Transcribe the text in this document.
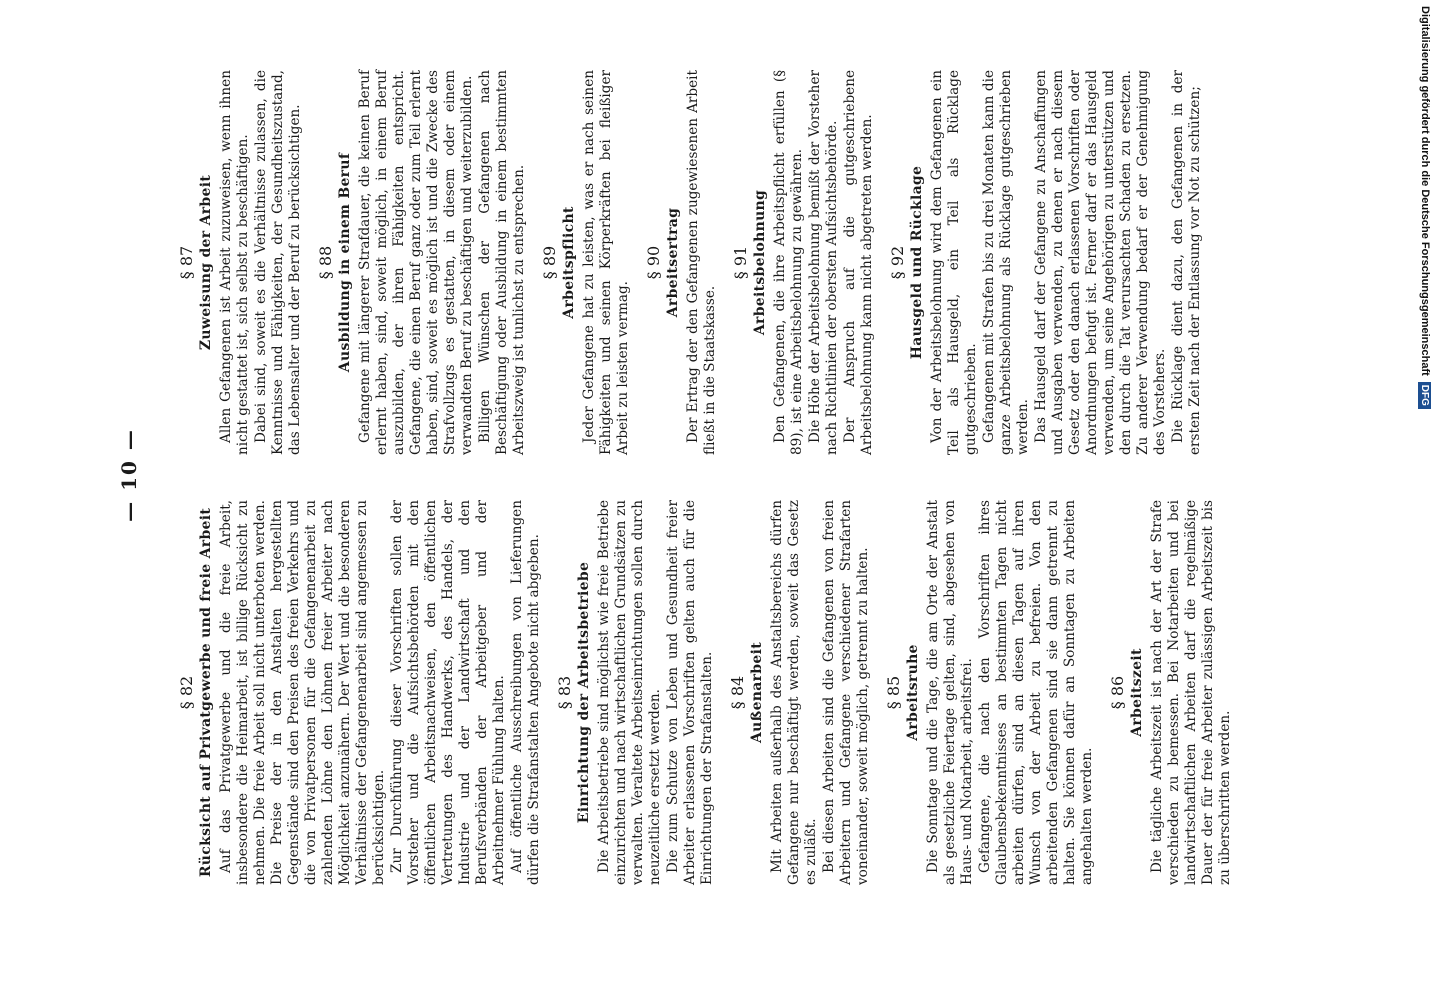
— 10 —
§ 82 Rücksicht auf Privatgewerbe und freie Arbeit Auf das Privatgewerbe und die freie Arbeit, insbesondere die Heimarbeit, ist billige Rücksicht zu nehmen. Die freie Arbeit soll nicht unterboten werden. Die Preise der in den Anstalten hergestellten Gegenstände sind den Preisen des freien Verkehrs und die von Privatpersonen für die Gefangenenarbeit zu zahlenden Löhne den Löhnen freier Arbeiter nach Möglichkeit anzunähern. Der Wert und die besonderen Verhältnisse der Gefangenenarbeit sind angemessen zu berücksichtigen. Zur Durchführung dieser Vorschriften sollen der Vorsteher und die Aufsichtsbehörden mit den öffentlichen Arbeitsnachweisen, den öffentlichen Vertretungen des Handwerks, des Handels, der Industrie und der Landwirtschaft und den Berufsverbänden der Arbeitgeber und der Arbeitnehmer Fühlung halten. Auf öffentliche Ausschreibungen von Lieferungen dürfen die Strafanstalten Angebote nicht abgeben. § 83 Einrichtung der Arbeitsbetriebe Die Arbeitsbetriebe sind möglichst wie freie Betriebe einzurichten und nach wirtschaftlichen Grundsätzen zu verwalten. Veraltete Arbeitseinrichtungen sollen durch neuzeitliche ersetzt werden. Die zum Schutze von Leben und Gesundheit freier Arbeiter erlassenen Vorschriften gelten auch für die Einrichtungen der Strafanstalten. § 84 Außenarbeit Mit Arbeiten außerhalb des Anstaltsbereichs dürfen Gefangene nur beschäftigt werden, soweit das Gesetz es zuläßt. Bei diesen Arbeiten sind die Gefangenen von freien Arbeitern und Gefangene verschiedener Strafarten voneinander, soweit möglich, getrennt zu halten. § 85 Arbeitsruhe Die Sonntage und die Tage, die am Orte der Anstalt als gesetzliche Feiertage gelten, sind, abgesehen von Haus- und Notarbeit, arbeitsfrei. Gefangene, die nach den Vorschriften ihres Glaubensbekenntnisses an bestimmten Tagen nicht arbeiten dürfen, sind an diesen Tagen auf ihren Wunsch von der Arbeit zu befreien. Von den arbeitenden Gefangenen sind sie dann getrennt zu halten. Sie können dafür an Sonntagen zu Arbeiten angehalten werden.

§ 86 Arbeitszeit Die tägliche Arbeitszeit ist nach der Art der Strafe verschieden zu bemessen. Bei Notarbeiten und bei landwirtschaftlichen Arbeiten darf die regelmäßige Dauer der für freie Arbeiter zulässigen Arbeitszeit bis zu überschritten werden.

§ 87 Zuweisung der Arbeit Allen Gefangenen ist Arbeit zuzuweisen, wenn ihnen nicht gestattet ist, sich selbst zu beschäftigen. Dabei sind, soweit es die Verhältnisse zulassen, die Kenntnisse und Fähigkeiten, der Gesundheitszustand, das Lebensalter und der Beruf zu berücksichtigen. § 88 Ausbildung in einem Beruf Gefangene mit längerer Strafdauer, die keinen Beruf erlernt haben, sind, soweit möglich, in einem Beruf auszubilden, der ihren Fähigkeiten entspricht. Gefangene, die einen Beruf ganz oder zum Teil erlernt haben, sind, soweit es möglich ist und die Zwecke des Strafvollzugs es gestatten, in diesem oder einem verwandten Beruf zu beschäftigen und weiterzubilden. Billigen Wünschen der Gefangenen nach Beschäftigung oder Ausbildung in einem bestimmten Arbeitszweig ist tunlichst zu entsprechen. § 89 Arbeitspflicht Jeder Gefangene hat zu leisten, was er nach seinen Fähigkeiten und seinen Körperkräften bei fleißiger Arbeit zu leisten vermag.

§ 90 Arbeitsertrag Der Ertrag der den Gefangenen zugewiesenen Arbeit fließt in die Staatskasse.

§ 91 Arbeitsbelohnung Den Gefangenen, die ihre Arbeitspflicht erfüllen (§ 89), ist eine Arbeitsbelohnung zu gewähren. Die Höhe der Arbeitsbelohnung bemißt der Vorsteher nach Richtlinien der obersten Aufsichtsbehörde. Der Anspruch auf die gutgeschriebene Arbeitsbelohnung kann nicht abgetreten werden. § 92 Hausgeld und Rücklage Von der Arbeitsbelohnung wird dem Gefangenen ein Teil als Hausgeld, ein Teil als Rücklage gutgeschrieben. Gefangenen mit Strafen bis zu drei Monaten kann die ganze Arbeitsbelohnung als Rücklage gutgeschrieben werden. Das Hausgeld darf der Gefangene zu Anschaffungen und Ausgaben verwenden, zu denen er nach diesem Gesetz oder den danach erlassenen Vorschriften oder Anordnungen befugt ist. Ferner darf er das Hausgeld verwenden, um seine Angehörigen zu unterstützen und den durch die Tat verursachten Schaden zu ersetzen. Zu anderer Verwendung bedarf er der Genehmigung des Vorstehers. Die Rücklage dient dazu, den Gefangenen in der ersten Zeit nach der Entlassung vor Not zu schützen;	Digitalisierung gefördert durch die Deutsche Forschungsgemeinschaft
DFG
